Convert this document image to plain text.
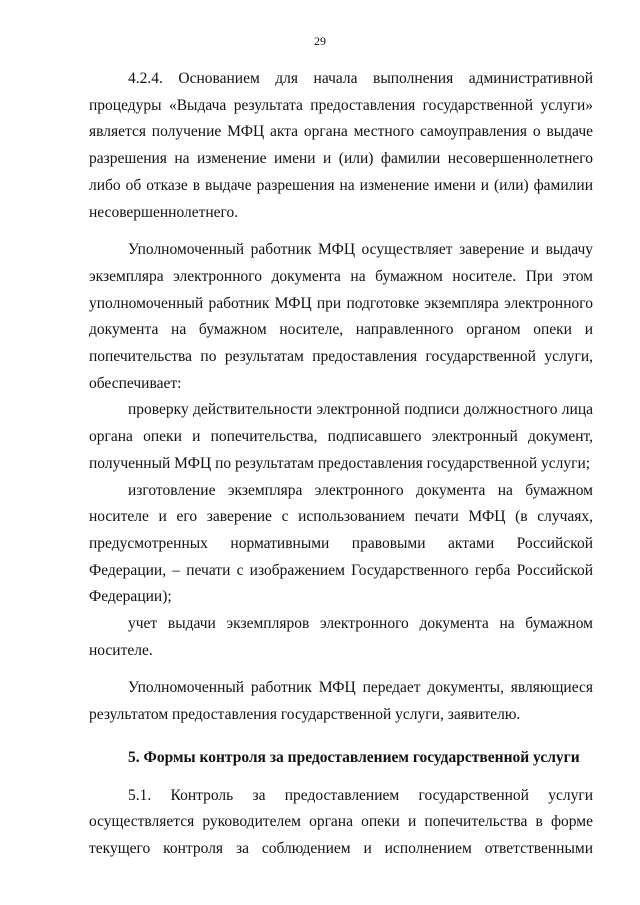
29

4.2.4. Основанием для начала выполнения административной процедуры «Выдача результата предоставления государственной услуги» является получение МФЦ акта органа местного самоуправления о выдаче разрешения на изменение имени и (или) фамилии несовершеннолетнего либо об отказе в выдаче разрешения на изменение имени и (или) фамилии несовершеннолетнего.

Уполномоченный работник МФЦ осуществляет заверение и выдачу экземпляра электронного документа на бумажном носителе. При этом уполномоченный работник МФЦ при подготовке экземпляра электронного документа на бумажном носителе, направленного органом опеки и попечительства по результатам предоставления государственной услуги, обеспечивает:

проверку действительности электронной подписи должностного лица органа опеки и попечительства, подписавшего электронный документ, полученный МФЦ по результатам предоставления государственной услуги;

изготовление экземпляра электронного документа на бумажном носителе и его заверение с использованием печати МФЦ (в случаях, предусмотренных нормативными правовыми актами Российской Федерации, – печати с изображением Государственного герба Российской Федерации);

учет выдачи экземпляров электронного документа на бумажном носителе.

Уполномоченный работник МФЦ передает документы, являющиеся результатом предоставления государственной услуги, заявителю.

5. Формы контроля за предоставлением государственной услуги

5.1. Контроль за предоставлением государственной услуги осуществляется руководителем органа опеки и попечительства в форме текущего контроля за соблюдением и исполнением ответственными
